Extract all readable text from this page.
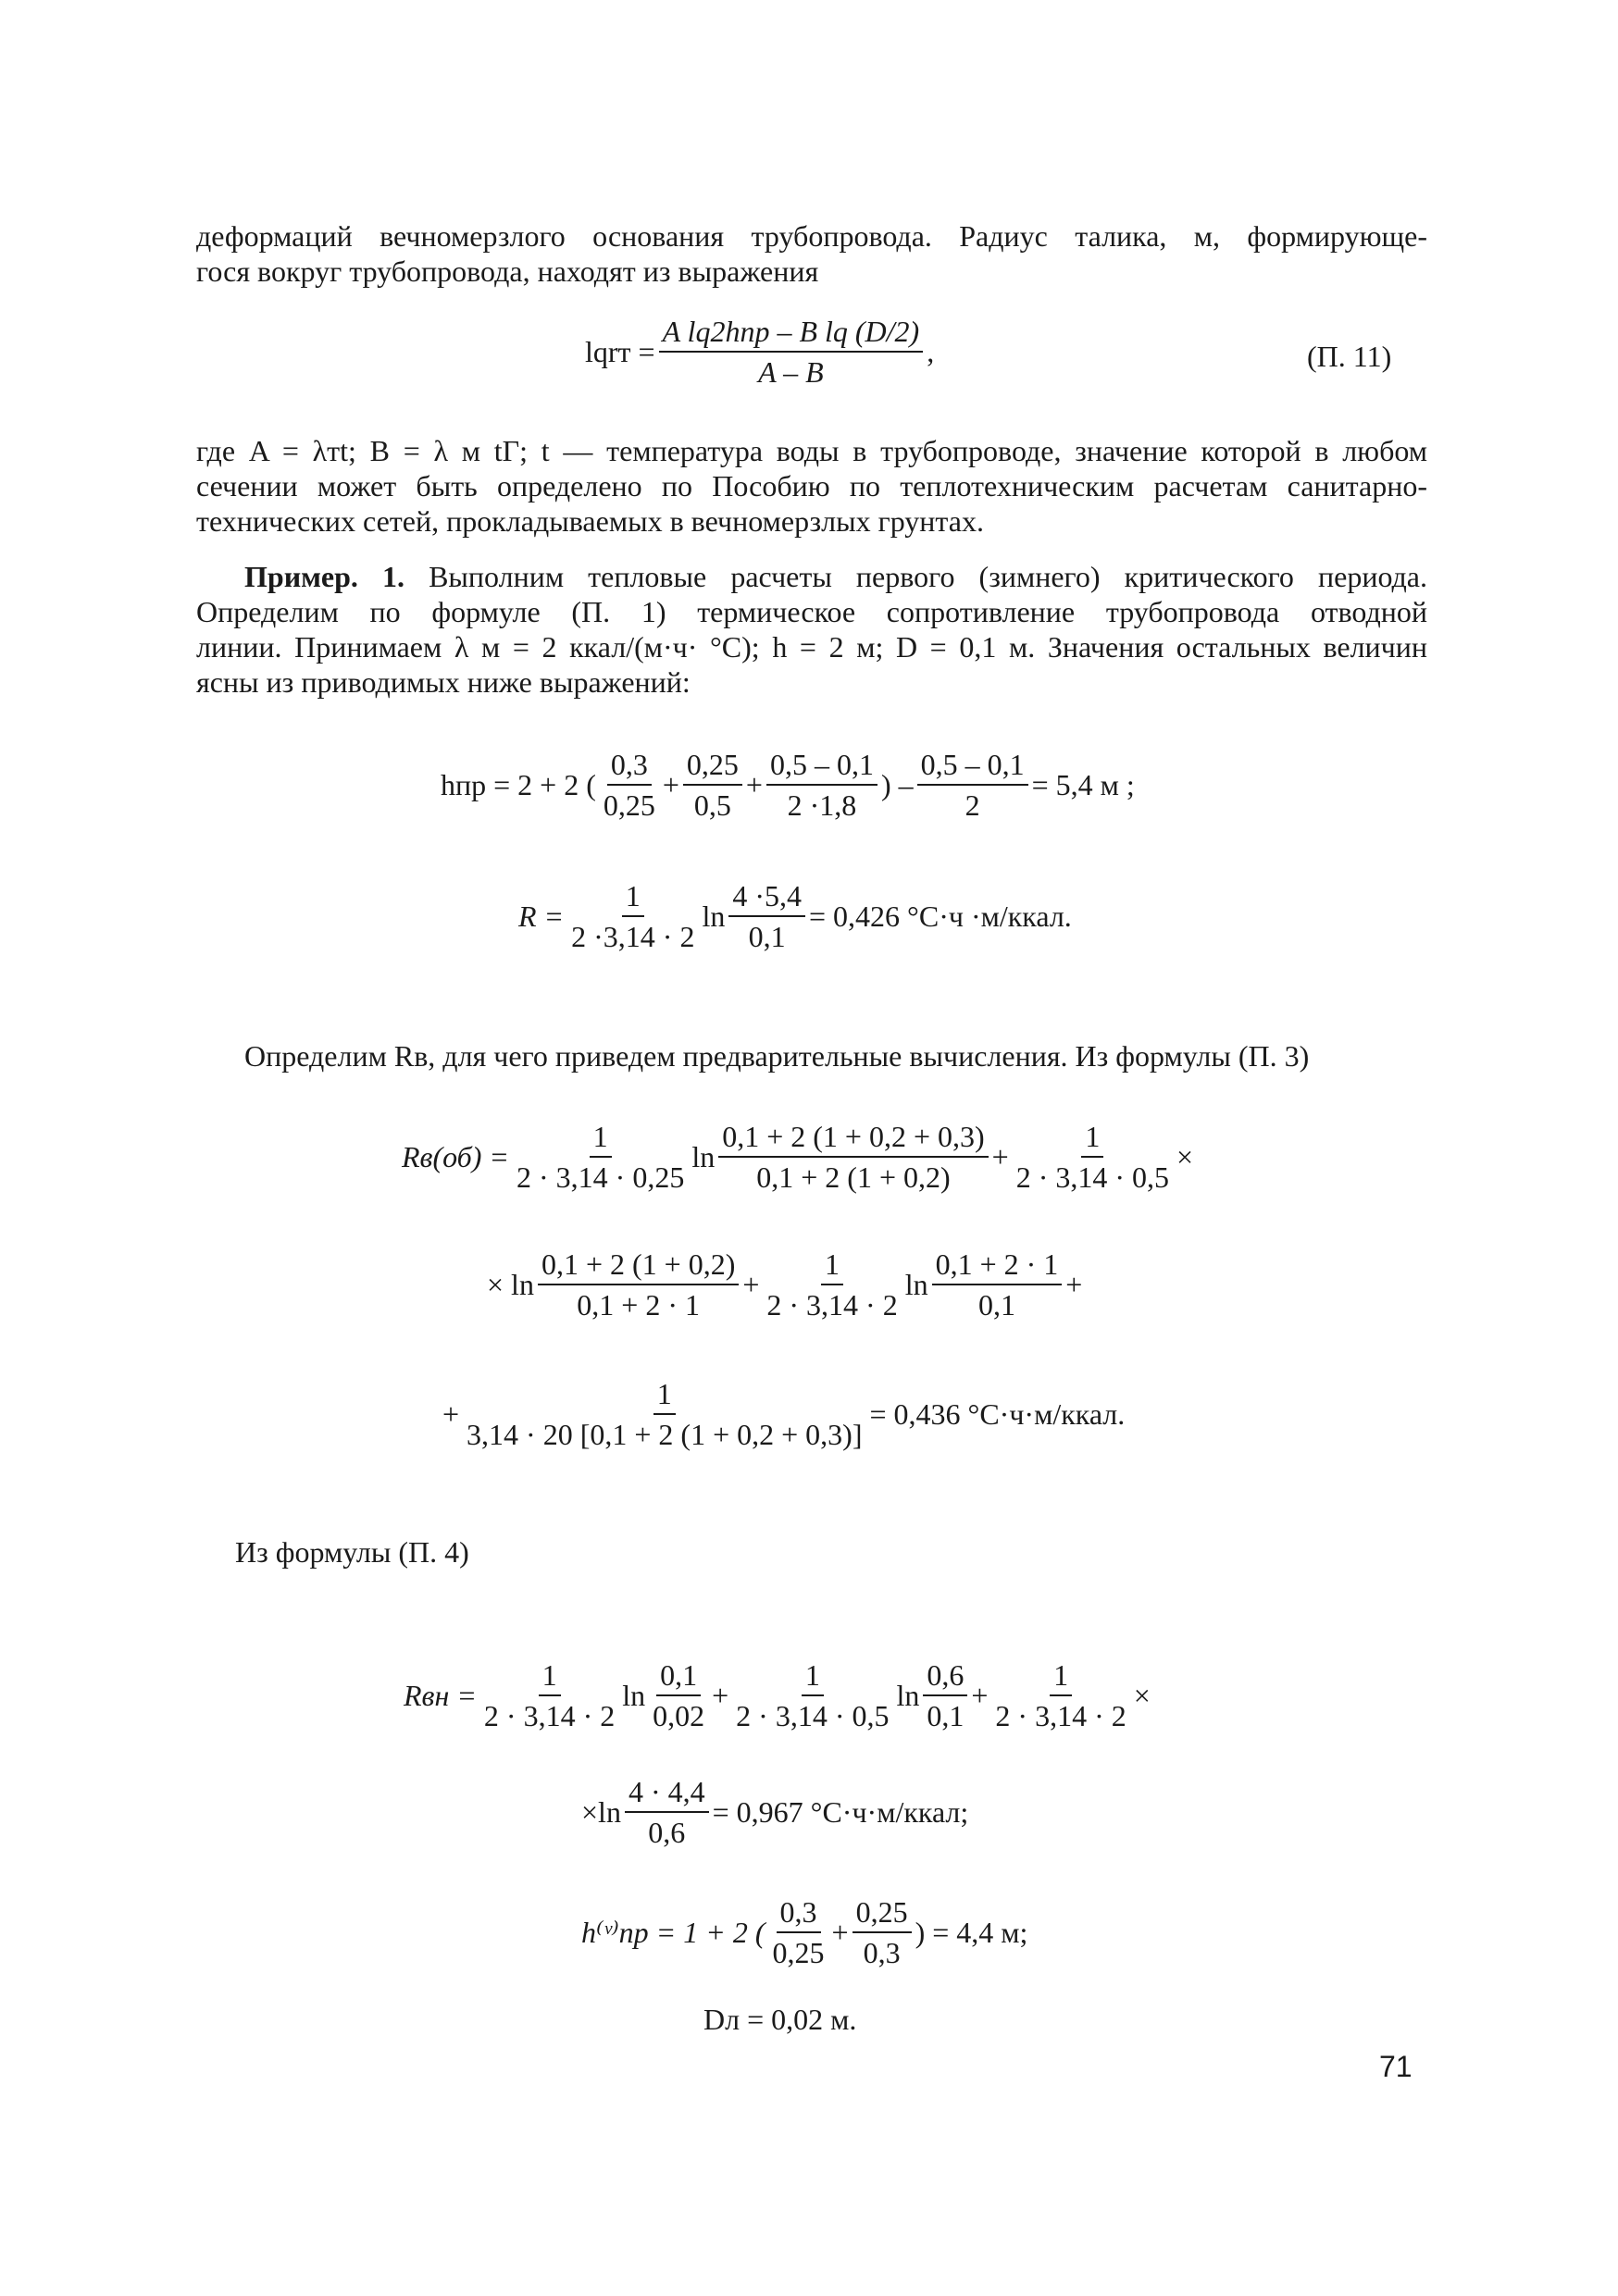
деформаций вечномерзлого основания трубопровода. Радиус талика, м, формирующе-
гося вокруг трубопровода, находят из выражения
lqrт = $\frac{\text{A lq2hпр – B lq (D/2)}}{A - B}$ ,	(П. 11)
где A = λтt; B = λ м tГ; t — температура воды в трубопроводе, значение которой в любом
сечении может быть определено по Пособию по теплотехническим расчетам санитарно-
технических сетей, прокладываемых в вечномерзлых грунтах.
Пример. 1. Выполним тепловые расчеты первого (зимнего) критического периода.
Определим по формуле (П. 1) термическое сопротивление трубопровода отводной
линии. Принимаем λ м = 2 ккал/(м·ч· °С); h = 2 м; D = 0,1 м. Значения остальных величин
ясны из приводимых ниже выражений:
hпр = 2 + 2 ( $\frac{0,3}{0,25} + \frac{0,25}{0,5} + \frac{0,5 - 0,1}{2 \cdot 1,8}$ ) – $\frac{0,5 - 0,1}{2} = 5,4$ м ;
$R = \frac{1}{2 \cdot 3,14 \cdot 2}$ $\ln \frac{4 \cdot 5,4}{0,1} = 0,426$ °С·ч ·м/ккал.
Определим Rв, для чего приведем предварительные вычисления. Из формулы (П. 3)
$Rв(об) = \frac{1}{2 \cdot 3,14 \cdot 0,25}$ $\ln \frac{0,1 + 2 (1 + 0,2 + 0,3)}{0,1 + 2 (1 + 0,2)} + \frac{1}{2 \cdot 3,14 \cdot 0,5}$ ×
× $\ln \frac{0,1 + 2 (1 + 0,2)}{0,1 + 2 \cdot 1} + \frac{1}{2 \cdot 3,14 \cdot 2}$ $\ln \frac{0,1 + 2 \cdot 1}{0,1}$ +
+ $\frac{1}{3,14 \cdot 20 [0,1 + 2 (1 + 0,2 + 0,3)]} = 0,436$ °С·ч·м/ккал.
Из формулы (П. 4)
Rвн = $\frac{1}{2 \cdot 3,14 \cdot 2}$ $\ln \frac{0,1}{0,02} + \frac{1}{2 \cdot 3,14 \cdot 0,5}$ $\ln \frac{0,6}{0,1} + \frac{1}{2 \cdot 3,14 \cdot 2}$ ×
$\times\ln \frac{4 \cdot 4,4}{0,6} = 0,967$ °С·ч·м/ккал;
h⁽ᵛ⁾пр = 1 + 2 ( $\frac{0,3}{0,25} + \frac{0,25}{0,3}$ ) = 4,4 м;
Dл = 0,02 м.
71
